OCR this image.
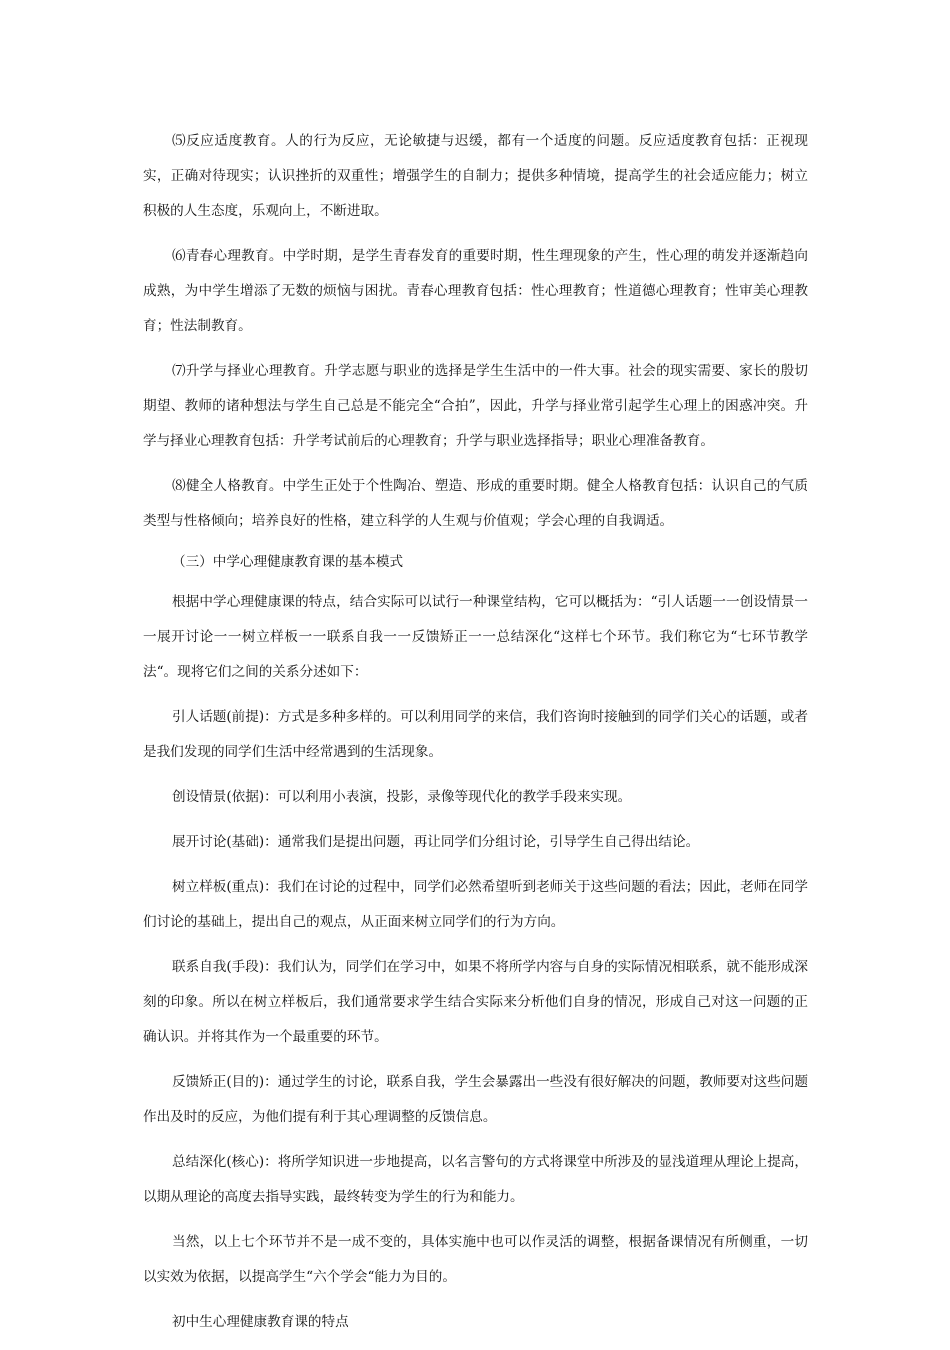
⑸反应适度教育。人的行为反应，无论敏捷与迟缓，都有一个适度的问题。反应适度教育包括：正视现实，正确对待现实；认识挫折的双重性；增强学生的自制力；提供多种情境，提高学生的社会适应能力；树立积极的人生态度，乐观向上，不断进取。

⑹青春心理教育。中学时期，是学生青春发育的重要时期，性生理现象的产生，性心理的萌发并逐渐趋向成熟，为中学生增添了无数的烦恼与困扰。青春心理教育包括：性心理教育；性道德心理教育；性审美心理教育；性法制教育。

⑺升学与择业心理教育。升学志愿与职业的选择是学生生活中的一件大事。社会的现实需要、家长的殷切期望、教师的诸种想法与学生自己总是不能完全“合拍”，因此，升学与择业常引起学生心理上的困惑冲突。升学与择业心理教育包括：升学考试前后的心理教育；升学与职业选择指导；职业心理准备教育。

⑻健全人格教育。中学生正处于个性陶冶、塑造、形成的重要时期。健全人格教育包括：认识自己的气质类型与性格倾向；培养良好的性格，建立科学的人生观与价值观；学会心理的自我调适。

（三）中学心理健康教育课的基本模式

根据中学心理健康课的特点，结合实际可以试行一种课堂结构，它可以概括为：“引人话题一一创设情景一一展开讨论一一树立样板一一联系自我一一反馈矫正一一总结深化“这样七个环节。我们称它为“七环节教学法“。现将它们之间的关系分述如下：

引人话题(前提)：方式是多种多样的。可以利用同学的来信，我们咨询时接触到的同学们关心的话题，或者是我们发现的同学们生活中经常遇到的生活现象。

创设情景(依据)：可以利用小表演，投影，录像等现代化的教学手段来实现。

展开讨论(基础)：通常我们是提出问题，再让同学们分组讨论，引导学生自己得出结论。

树立样板(重点)：我们在讨论的过程中，同学们必然希望听到老师关于这些问题的看法；因此，老师在同学们讨论的基础上，提出自己的观点，从正面来树立同学们的行为方向。

联系自我(手段)：我们认为，同学们在学习中，如果不将所学内容与自身的实际情况相联系，就不能形成深刻的印象。所以在树立样板后，我们通常要求学生结合实际来分析他们自身的情况，形成自己对这一问题的正确认识。并将其作为一个最重要的环节。

反馈矫正(目的)：通过学生的讨论，联系自我，学生会暴露出一些没有很好解决的问题，教师要对这些问题作出及时的反应，为他们提有利于其心理调整的反馈信息。

总结深化(核心)：将所学知识进一步地提高，以名言警句的方式将课堂中所涉及的显浅道理从理论上提高，以期从理论的高度去指导实践，最终转变为学生的行为和能力。

当然，以上七个环节并不是一成不变的，具体实施中也可以作灵活的调整，根据备课情况有所侧重，一切以实效为依据，以提高学生“六个学会“能力为目的。

初中生心理健康教育课的特点
